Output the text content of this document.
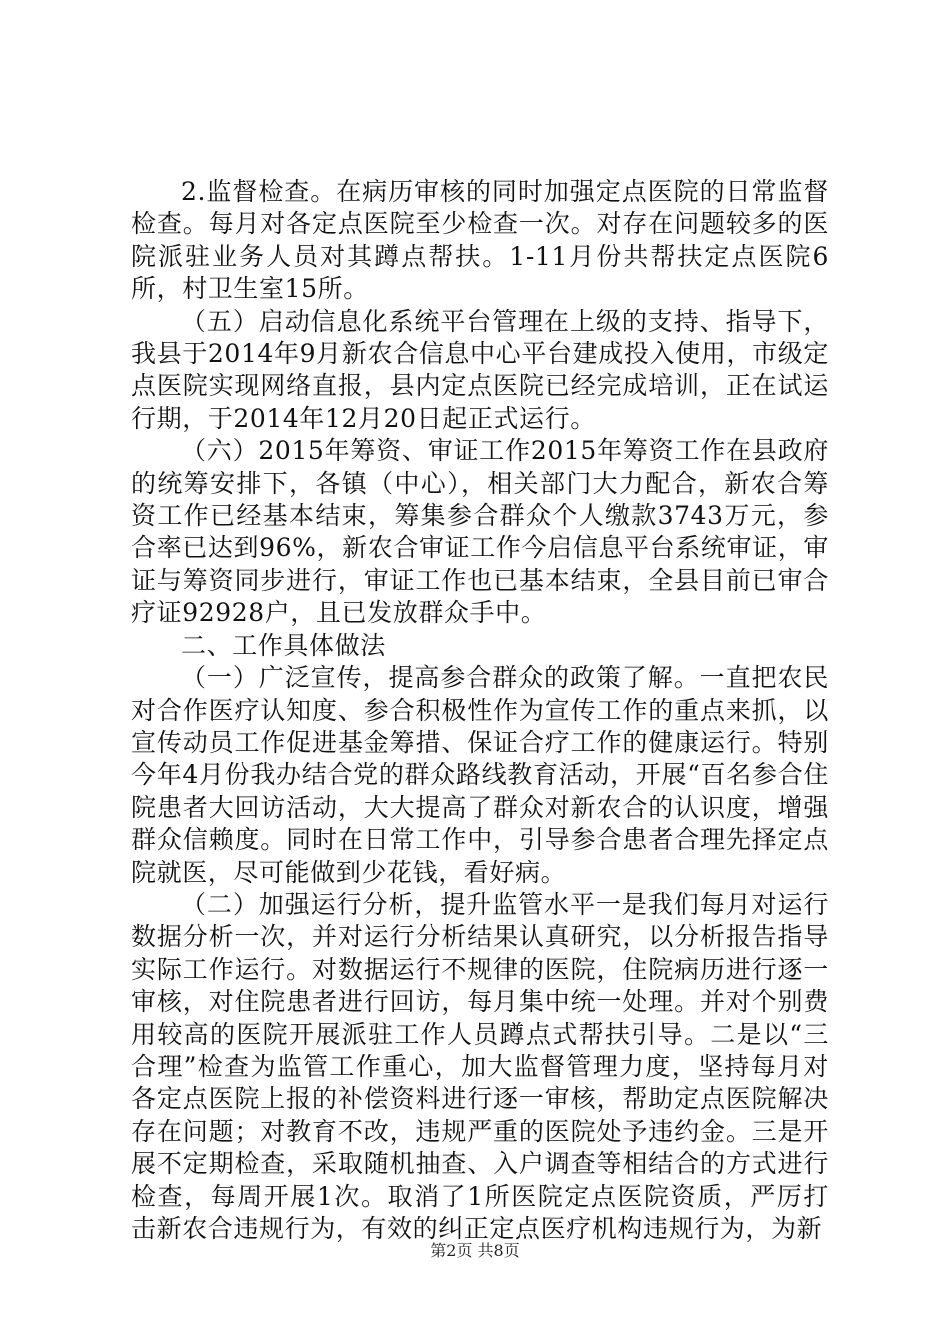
2.监督检查。在病历审核的同时加强定点医院的日常监督检查。每月对各定点医院至少检查一次。对存在问题较多的医院派驻业务人员对其蹲点帮扶。1-11月份共帮扶定点医院6所，村卫生室15所。

（五）启动信息化系统平台管理在上级的支持、指导下，我县于2014年9月新农合信息中心平台建成投入使用，市级定点医院实现网络直报，县内定点医院已经完成培训，正在试运行期，于2014年12月20日起正式运行。

（六）2015年筹资、审证工作2015年筹资工作在县政府的统筹安排下，各镇（中心），相关部门大力配合，新农合筹资工作已经基本结束，筹集参合群众个人缴款3743万元，参合率已达到96%，新农合审证工作今启信息平台系统审证，审证与筹资同步进行，审证工作也已基本结束，全县目前已审合疗证92928户，且已发放群众手中。

二、工作具体做法

（一）广泛宣传，提高参合群众的政策了解。一直把农民对合作医疗认知度、参合积极性作为宣传工作的重点来抓，以宣传动员工作促进基金筹措、保证合疗工作的健康运行。特别今年4月份我办结合党的群众路线教育活动，开展“百名参合住院患者大回访活动，大大提高了群众对新农合的认识度，增强群众信赖度。同时在日常工作中，引导参合患者合理先择定点院就医，尽可能做到少花钱，看好病。

（二）加强运行分析，提升监管水平一是我们每月对运行数据分析一次，并对运行分析结果认真研究，以分析报告指导实际工作运行。对数据运行不规律的医院，住院病历进行逐一审核，对住院患者进行回访，每月集中统一处理。并对个别费用较高的医院开展派驻工作人员蹲点式帮扶引导。二是以“三合理”检查为监管工作重心，加大监督管理力度，坚持每月对各定点医院上报的补偿资料进行逐一审核，帮助定点医院解决存在问题；对教育不改，违规严重的医院处予违约金。三是开展不定期检查，采取随机抽查、入户调查等相结合的方式进行检查，每周开展1次。取消了1所医院定点医院资质，严厉打击新农合违规行为，有效的纠正定点医疗机构违规行为，为新

第2页 共8页
